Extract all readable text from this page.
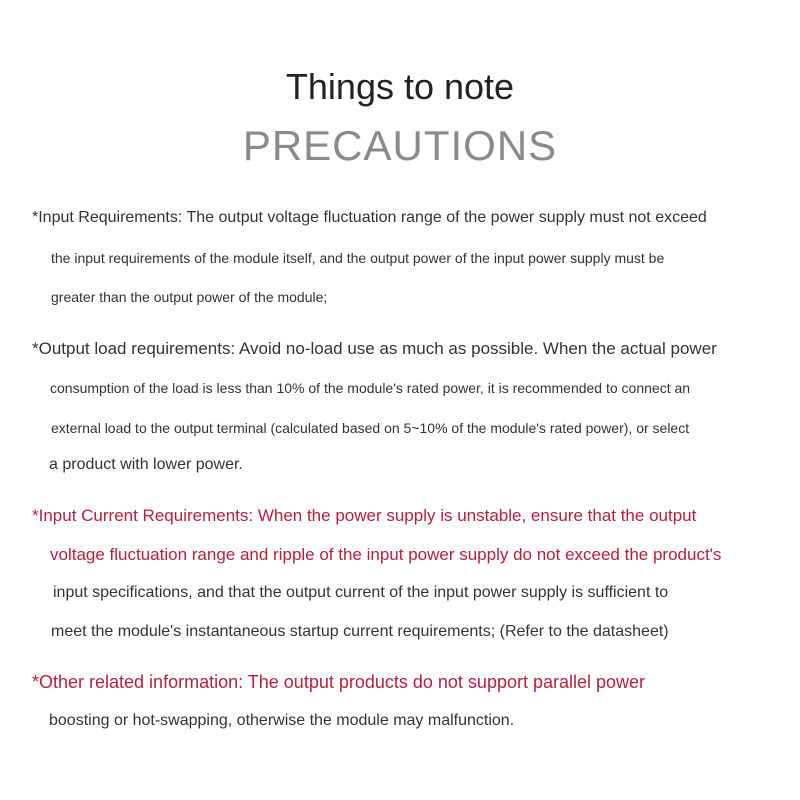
Things to note
PRECAUTIONS
*Input Requirements: The output voltage fluctuation range of the power supply must not exceed
the input requirements of the module itself, and the output power of the input power supply must be
greater than the output power of the module;
*Output load requirements: Avoid no-load use as much as possible. When the actual power
consumption of the load is less than 10% of the module's rated power, it is recommended to connect an
external load to the output terminal (calculated based on 5~10% of the module's rated power), or select
a product with lower power.
*Input Current Requirements: When the power supply is unstable, ensure that the output
voltage fluctuation range and ripple of the input power supply do not exceed the product's
input specifications, and that the output current of the input power supply is sufficient to
meet the module's instantaneous startup current requirements; (Refer to the datasheet)
*Other related information: The output products do not support parallel power
boosting or hot-swapping, otherwise the module may malfunction.
